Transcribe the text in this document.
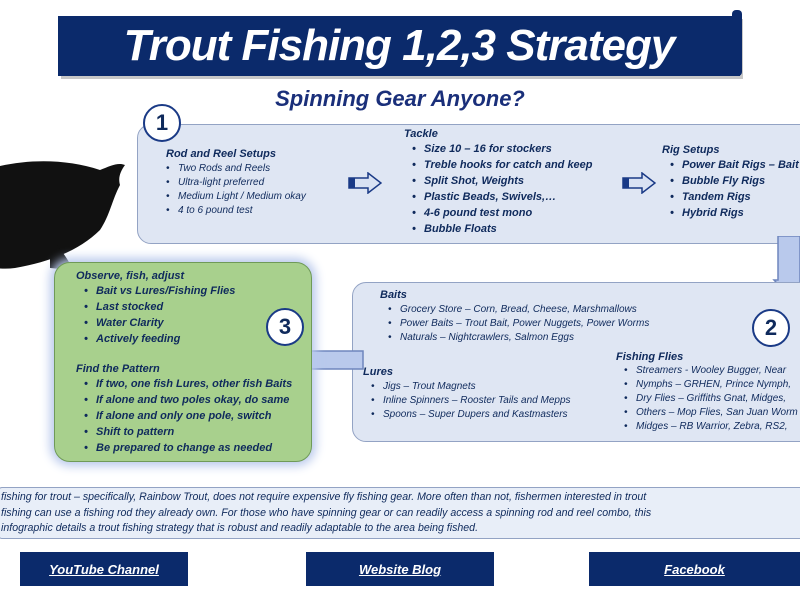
Trout Fishing 1,2,3 Strategy
Spinning Gear Anyone?
1
Rod and Reel Setups
• Two Rods and Reels
• Ultra-light preferred
• Medium Light / Medium okay
• 4 to 6 pound test
Tackle
• Size 10 – 16 for stockers
• Treble hooks for catch and keep
• Split Shot, Weights
• Plastic Beads, Swivels,…
• 4-6 pound test mono
• Bubble Floats
Rig Setups
• Power Bait Rigs – Bait
• Bubble Fly Rigs
• Tandem Rigs
• Hybrid Rigs
2
Baits
• Grocery Store – Corn, Bread, Cheese, Marshmallows
• Power Baits – Trout Bait, Power Nuggets, Power Worms
• Naturals – Nightcrawlers, Salmon Eggs
Lures
• Jigs – Trout Magnets
• Inline Spinners – Rooster Tails and Mepps
• Spoons – Super Dupers and Kastmasters
Fishing Flies
• Streamers - Wooley Bugger, Near
• Nymphs – GRHEN, Prince Nymph,
• Dry Flies – Griffiths Gnat, Midges,
• Others – Mop Flies, San Juan Worm
• Midges – RB Warrior, Zebra, RS2,
3
Observe, fish, adjust
• Bait vs Lures/Fishing Flies
• Last stocked
• Water Clarity
• Actively feeding
Find the Pattern
• If two, one fish Lures, other fish Baits
• If alone and two poles okay, do same
• If alone and only one pole, switch
• Shift to pattern
• Be prepared to change as needed
fishing for trout – specifically, Rainbow Trout, does not require expensive fly fishing gear. More often than not, fishermen interested in trout
fishing can use a fishing rod they already own. For those who have spinning gear or can readily access a spinning rod and reel combo, this
infographic details a trout fishing strategy that is robust and readily adaptable to the area being fished.
YouTube Channel	Website Blog	Facebook
